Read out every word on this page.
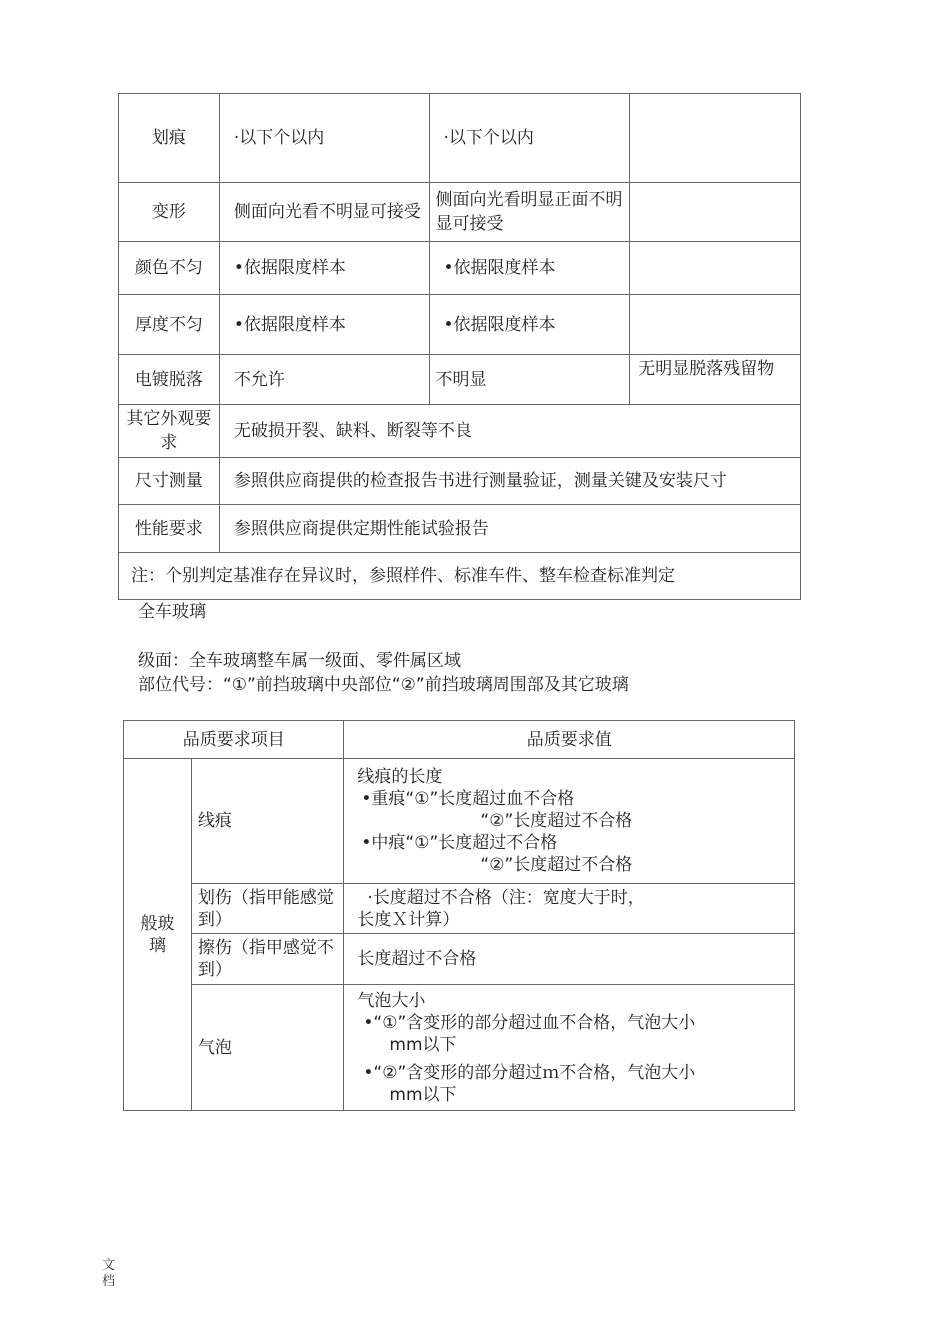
划痕	·以下个以内	·以下个以内	
变形	侧面向光看不明显可接受	侧面向光看明显正面不明显可接受	
颜色不匀	•依据限度样本	•依据限度样本	
厚度不匀	•依据限度样本	•依据限度样本	
电镀脱落	不允许	不明显	无明显脱落残留物
其它外观要求	无破损开裂、缺料、断裂等不良		
尺寸测量	参照供应商提供的检查报告书进行测量验证，测量关键及安装尺寸		
性能要求	参照供应商提供定期性能试验报告		
注：个别判定基准存在异议时，参照样件、标准车件、整车检查标准判定			
全车玻璃
级面：全车玻璃整车属一级面、零件属区域
部位代号：“①”前挡玻璃中央部位“②”前挡玻璃周围部及其它玻璃
品质要求项目		品质要求值
般玻璃	线痕	线痕的长度
•重痕“①”长度超过血不合格
“②”长度超过不合格
•中痕“①”长度超过不合格
“②”长度超过不合格

	划伤（指甲能感觉到）	·长度超过不合格（注：宽度大于时，
长度Ｘ计算）

	擦伤（指甲感觉不到）	长度超过不合格

	气泡	气泡大小
•“①”含变形的部分超过血不合格，气泡大小
mm以下
•“②”含变形的部分超过ｍ不合格，气泡大小
mm以下
文档
